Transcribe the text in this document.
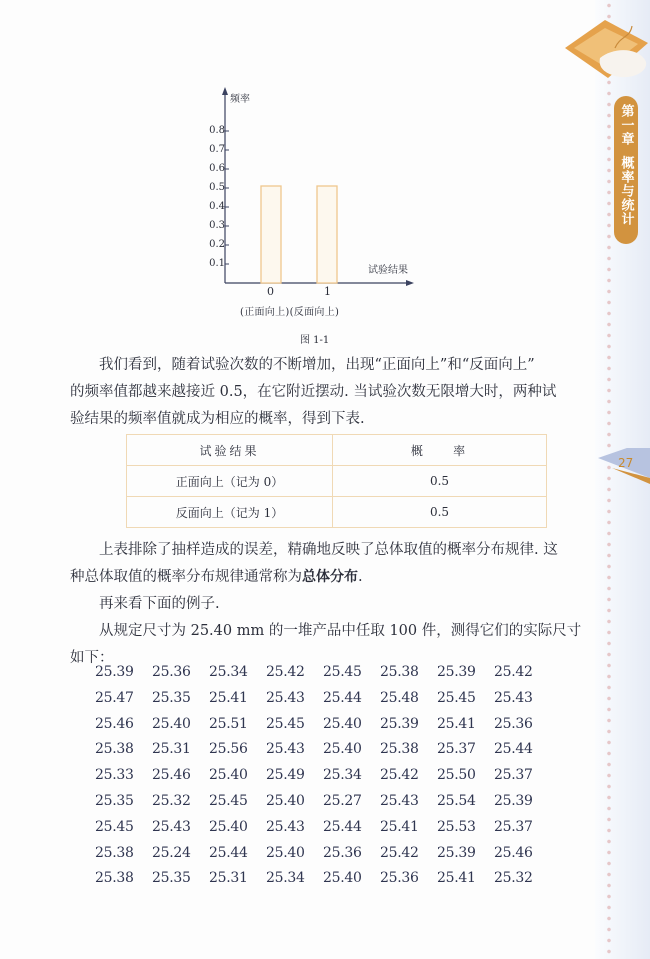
第一章
概率与统计
27
频率
0.8
0.7
0.6
0.5
0.4
0.3
0.2
0.1
试验结果
0	1
(正面向上)(反面向上)
图 1-1

我们看到，随着试验次数的不断增加，出现“正面向上”和“反面向上”

的频率值都越来越接近 0.5，在它附近摆动. 当试验次数无限增大时，两种试

验结果的频率值就成为相应的概率，得到下表.

试验结果	概    率
正面向上（记为 0）	0.5
反面向上（记为 1）	0.5

上表排除了抽样造成的误差，精确地反映了总体取值的概率分布规律. 这

种总体取值的概率分布规律通常称为总体分布.

再来看下面的例子.

从规定尺寸为 25.40 mm 的一堆产品中任取 100 件，测得它们的实际尺寸

如下：

25.39	25.36	25.34	25.42	25.45	25.38	25.39	25.42
25.47	25.35	25.41	25.43	25.44	25.48	25.45	25.43
25.46	25.40	25.51	25.45	25.40	25.39	25.41	25.36
25.38	25.31	25.56	25.43	25.40	25.38	25.37	25.44
25.33	25.46	25.40	25.49	25.34	25.42	25.50	25.37
25.35	25.32	25.45	25.40	25.27	25.43	25.54	25.39
25.45	25.43	25.40	25.43	25.44	25.41	25.53	25.37
25.38	25.24	25.44	25.40	25.36	25.42	25.39	25.46
25.38	25.35	25.31	25.34	25.40	25.36	25.41	25.32
